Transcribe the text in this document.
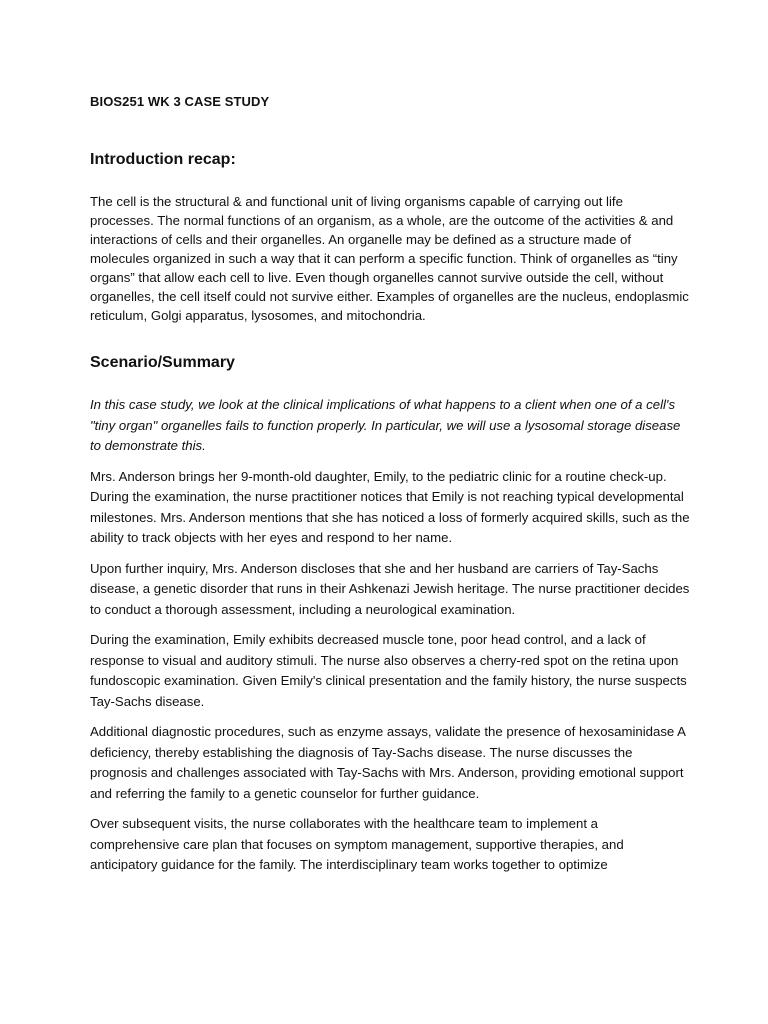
BIOS251 WK 3 CASE STUDY
Introduction recap:

The cell is the structural & and functional unit of living organisms capable of carrying out life processes. The normal functions of an organism, as a whole, are the outcome of the activities & and interactions of cells and their organelles. An organelle may be defined as a structure made of molecules organized in such a way that it can perform a specific function. Think of organelles as “tiny organs” that allow each cell to live. Even though organelles cannot survive outside the cell, without organelles, the cell itself could not survive either. Examples of organelles are the nucleus, endoplasmic reticulum, Golgi apparatus, lysosomes, and mitochondria.

Scenario/Summary

In this case study, we look at the clinical implications of what happens to a client when one of a cell's "tiny organ" organelles fails to function properly. In particular, we will use a lysosomal storage disease to demonstrate this.

Mrs. Anderson brings her 9-month-old daughter, Emily, to the pediatric clinic for a routine check-up. During the examination, the nurse practitioner notices that Emily is not reaching typical developmental milestones. Mrs. Anderson mentions that she has noticed a loss of formerly acquired skills, such as the ability to track objects with her eyes and respond to her name.

Upon further inquiry, Mrs. Anderson discloses that she and her husband are carriers of Tay-Sachs disease, a genetic disorder that runs in their Ashkenazi Jewish heritage. The nurse practitioner decides to conduct a thorough assessment, including a neurological examination.

During the examination, Emily exhibits decreased muscle tone, poor head control, and a lack of response to visual and auditory stimuli. The nurse also observes a cherry-red spot on the retina upon fundoscopic examination. Given Emily's clinical presentation and the family history, the nurse suspects Tay-Sachs disease.

Additional diagnostic procedures, such as enzyme assays, validate the presence of hexosaminidase A deficiency, thereby establishing the diagnosis of Tay-Sachs disease. The nurse discusses the prognosis and challenges associated with Tay-Sachs with Mrs. Anderson, providing emotional support and referring the family to a genetic counselor for further guidance.

Over subsequent visits, the nurse collaborates with the healthcare team to implement a comprehensive care plan that focuses on symptom management, supportive therapies, and anticipatory guidance for the family. The interdisciplinary team works together to optimize
